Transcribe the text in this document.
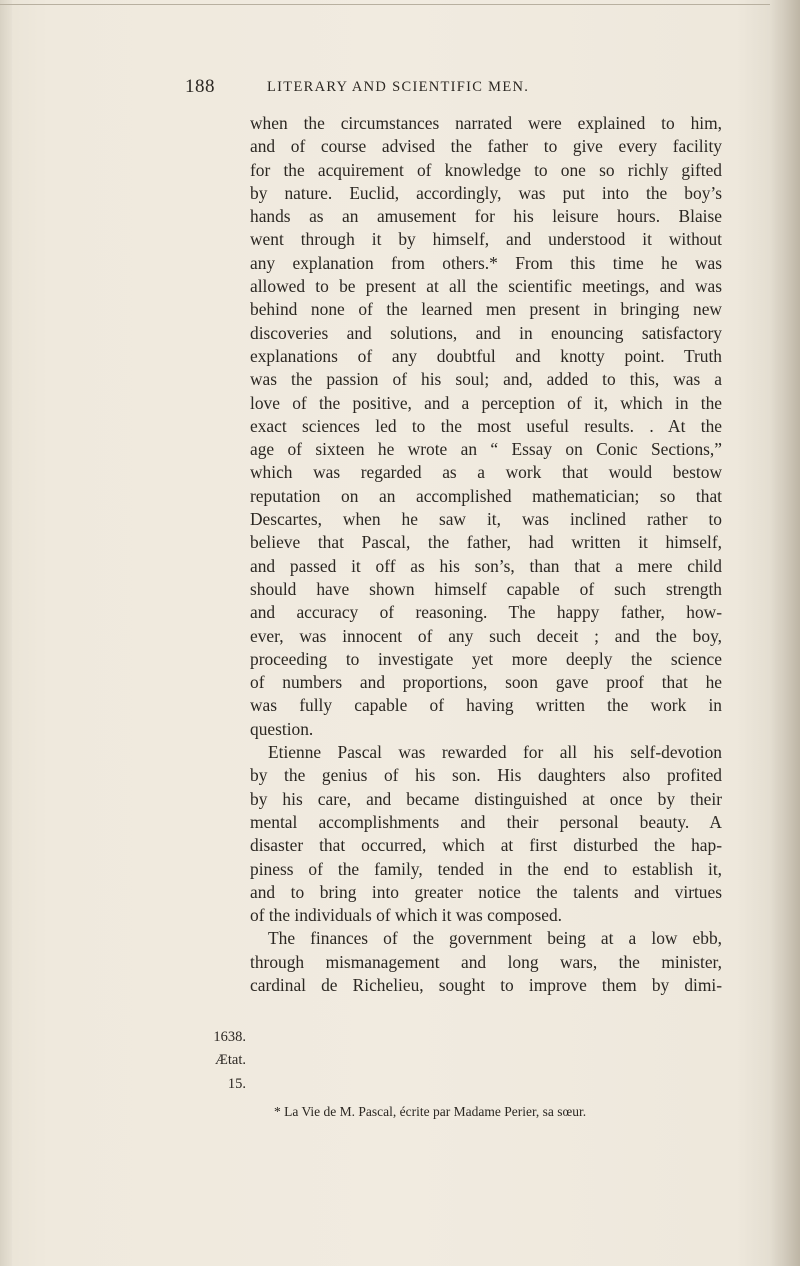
188	LITERARY AND SCIENTIFIC MEN.
when the circumstances narrated were explained to him,
and of course advised the father to give every facility
for the acquirement of knowledge to one so richly gifted
by nature. Euclid, accordingly, was put into the boy’s
hands as an amusement for his leisure hours. Blaise
went through it by himself, and understood it without
any explanation from others.* From this time he was
allowed to be present at all the scientific meetings, and was
behind none of the learned men present in bringing new
discoveries and solutions, and in enouncing satisfactory
explanations of any doubtful and knotty point. Truth
was the passion of his soul; and, added to this, was a
love of the positive, and a perception of it, which in the
exact sciences led to the most useful results. . At the
age of sixteen he wrote an “ Essay on Conic Sections,”
which was regarded as a work that would bestow
reputation on an accomplished mathematician; so that
Descartes, when he saw it, was inclined rather to
believe that Pascal, the father, had written it himself,
and passed it off as his son’s, than that a mere child
should have shown himself capable of such strength
and accuracy of reasoning. The happy father, how-
ever, was innocent of any such deceit ; and the boy,
proceeding to investigate yet more deeply the science
of numbers and proportions, soon gave proof that he
was fully capable of having written the work in
question.
Etienne Pascal was rewarded for all his self-devotion
by the genius of his son. His daughters also profited
by his care, and became distinguished at once by their
mental accomplishments and their personal beauty. A
disaster that occurred, which at first disturbed the hap-
piness of the family, tended in the end to establish it,
and to bring into greater notice the talents and virtues
of the individuals of which it was composed.
The finances of the government being at a low ebb,
through mismanagement and long wars, the minister,
cardinal de Richelieu, sought to improve them by dimi-
1638.
Ætat.
15.
* La Vie de M. Pascal, écrite par Madame Perier, sa sœur.
